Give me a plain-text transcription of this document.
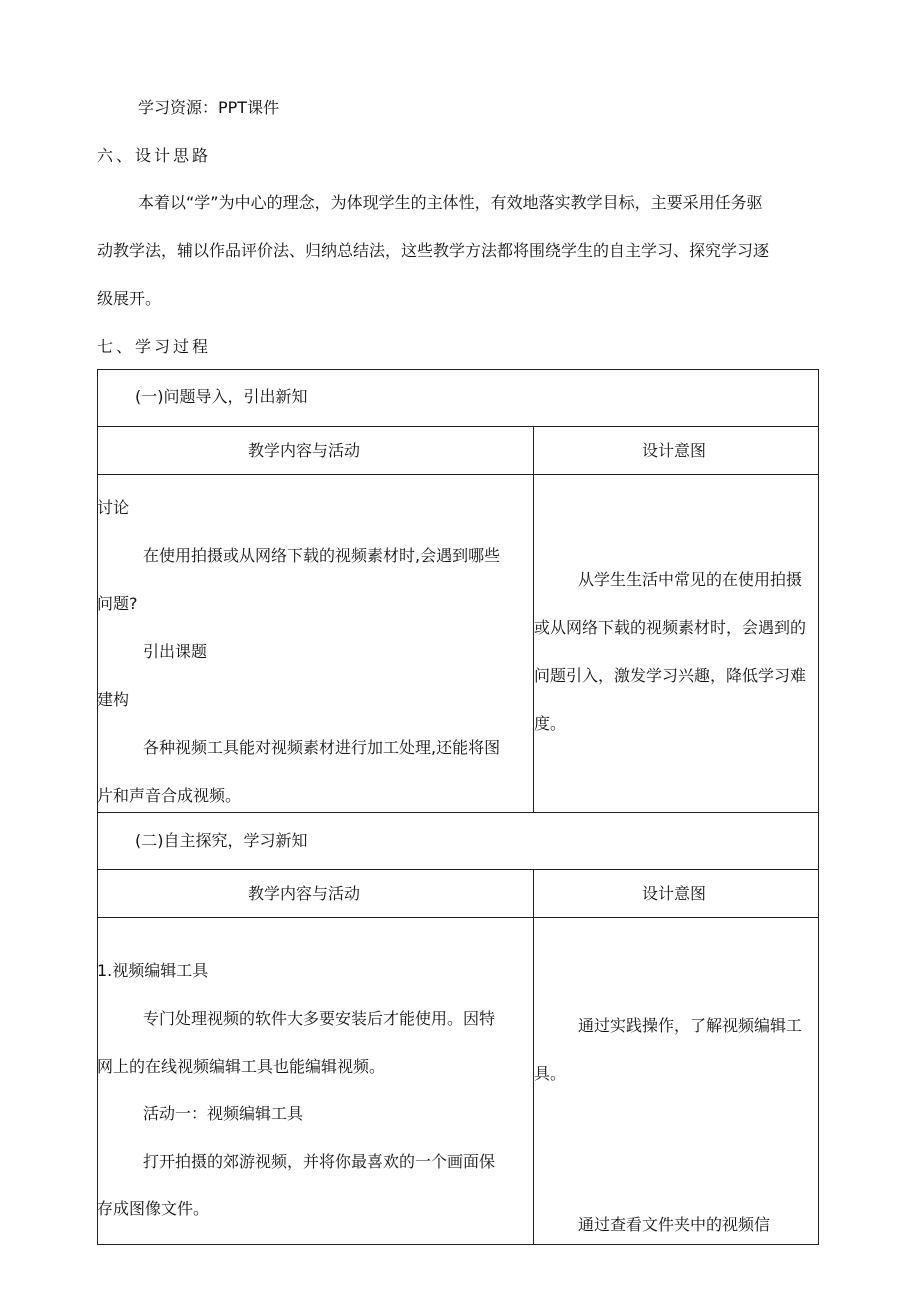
学习资源：PPT课件
六、设计思路
本着以“学”为中心的理念，为体现学生的主体性，有效地落实教学目标，主要采用任务驱
动教学法，辅以作品评价法、归纳总结法，这些教学方法都将围绕学生的自主学习、探究学习逐
级展开。
七、学习过程
(一)问题导入，引出新知
教学内容与活动	设计意图
讨论
在使用拍摄或从网络下载的视频素材时,会遇到哪些
问题?
引出课题
建构
各种视频工具能对视频素材进行加工处理,还能将图
片和声音合成视频。
从学生生活中常见的在使用拍摄
或从网络下载的视频素材时，会遇到的
问题引入，激发学习兴趣，降低学习难
度。
(二)自主探究，学习新知
教学内容与活动	设计意图
1.视频编辑工具
专门处理视频的软件大多要安装后才能使用。因特
网上的在线视频编辑工具也能编辑视频。
活动一：视频编辑工具
打开拍摄的郊游视频，并将你最喜欢的一个画面保
存成图像文件。
通过实践操作，了解视频编辑工
具。
通过查看文件夹中的视频信
